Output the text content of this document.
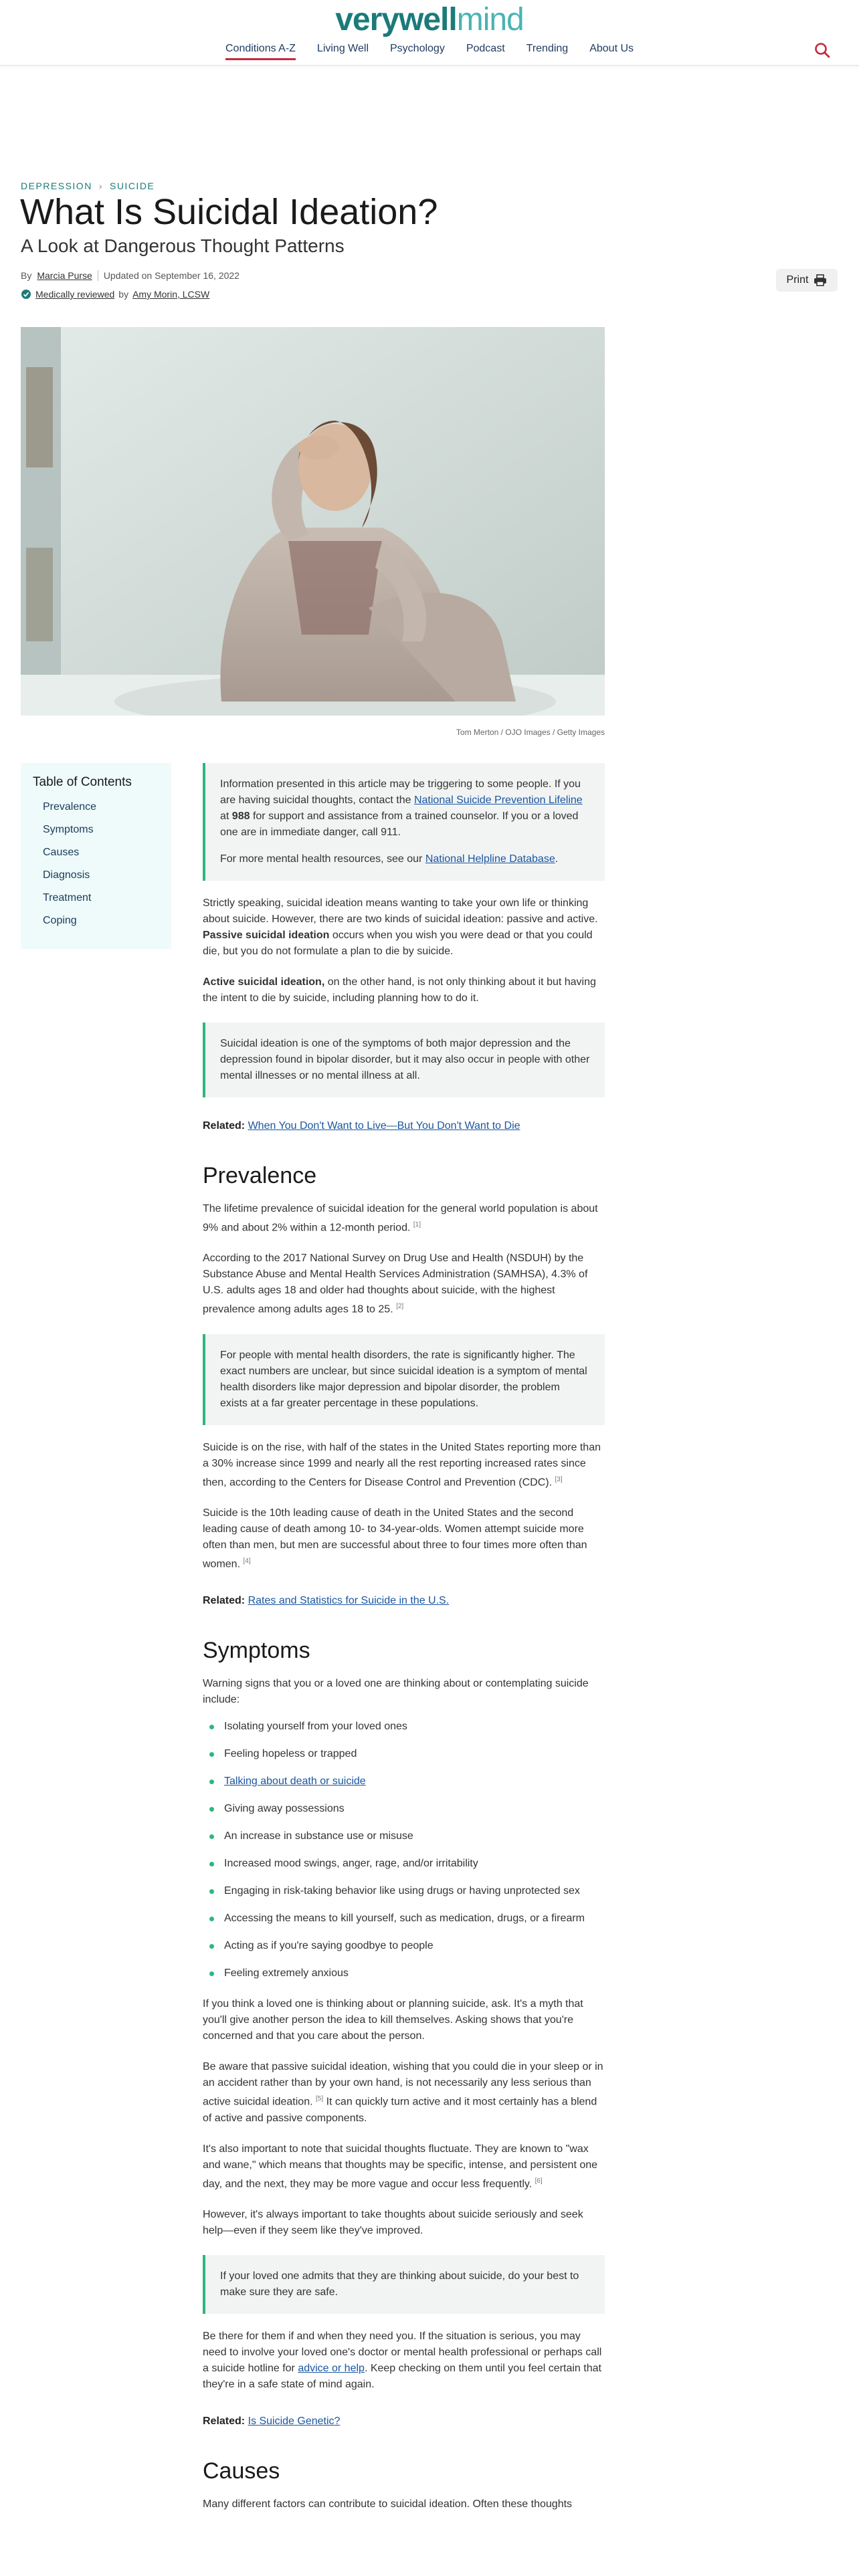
verywellmind
Conditions A-Z Living Well Psychology Podcast Trending About Us
DEPRESSION › SUICIDE
What Is Suicidal Ideation?
A Look at Dangerous Thought Patterns
By Marcia Purse Updated on September 16, 2022
Medically reviewed by Amy Morin, LCSW
Print
Tom Merton / OJO Images / Getty Images
Table of Contents
Prevalence
Symptoms
Causes
Diagnosis
Treatment
Coping

Information presented in this article may be triggering to some people. If you are having suicidal thoughts, contact the National Suicide Prevention Lifeline at 988 for support and assistance from a trained counselor. If you or a loved one are in immediate danger, call 911.

For more mental health resources, see our National Helpline Database.

Strictly speaking, suicidal ideation means wanting to take your own life or thinking about suicide. However, there are two kinds of suicidal ideation: passive and active. Passive suicidal ideation occurs when you wish you were dead or that you could die, but you do not formulate a plan to die by suicide.

Active suicidal ideation, on the other hand, is not only thinking about it but having the intent to die by suicide, including planning how to do it.

Suicidal ideation is one of the symptoms of both major depression and the depression found in bipolar disorder, but it may also occur in people with other mental illnesses or no mental illness at all.

Related: When You Don't Want to Live—But You Don't Want to Die

Prevalence

The lifetime prevalence of suicidal ideation for the general world population is about 9% and about 2% within a 12-month period. [1]

According to the 2017 National Survey on Drug Use and Health (NSDUH) by the Substance Abuse and Mental Health Services Administration (SAMHSA), 4.3% of U.S. adults ages 18 and older had thoughts about suicide, with the highest prevalence among adults ages 18 to 25. [2]

For people with mental health disorders, the rate is significantly higher. The exact numbers are unclear, but since suicidal ideation is a symptom of mental health disorders like major depression and bipolar disorder, the problem exists at a far greater percentage in these populations.

Suicide is on the rise, with half of the states in the United States reporting more than a 30% increase since 1999 and nearly all the rest reporting increased rates since then, according to the Centers for Disease Control and Prevention (CDC). [3]

Suicide is the 10th leading cause of death in the United States and the second leading cause of death among 10- to 34-year-olds. Women attempt suicide more often than men, but men are successful about three to four times more often than women. [4]

Related: Rates and Statistics for Suicide in the U.S.

Symptoms

Warning signs that you or a loved one are thinking about or contemplating suicide include:

Isolating yourself from your loved ones
Feeling hopeless or trapped
Talking about death or suicide
Giving away possessions
An increase in substance use or misuse
Increased mood swings, anger, rage, and/or irritability
Engaging in risk-taking behavior like using drugs or having unprotected sex
Accessing the means to kill yourself, such as medication, drugs, or a firearm
Acting as if you're saying goodbye to people
Feeling extremely anxious

If you think a loved one is thinking about or planning suicide, ask. It's a myth that you'll give another person the idea to kill themselves. Asking shows that you're concerned and that you care about the person.

Be aware that passive suicidal ideation, wishing that you could die in your sleep or in an accident rather than by your own hand, is not necessarily any less serious than active suicidal ideation. [5] It can quickly turn active and it most certainly has a blend of active and passive components.

It's also important to note that suicidal thoughts fluctuate. They are known to "wax and wane," which means that thoughts may be specific, intense, and persistent one day, and the next, they may be more vague and occur less frequently. [6]

However, it's always important to take thoughts about suicide seriously and seek help—even if they seem like they've improved.

If your loved one admits that they are thinking about suicide, do your best to make sure they are safe.

Be there for them if and when they need you. If the situation is serious, you may need to involve your loved one's doctor or mental health professional or perhaps call a suicide hotline for advice or help. Keep checking on them until you feel certain that they're in a safe state of mind again.

Related: Is Suicide Genetic?

Causes

Many different factors can contribute to suicidal ideation. Often these thoughts
